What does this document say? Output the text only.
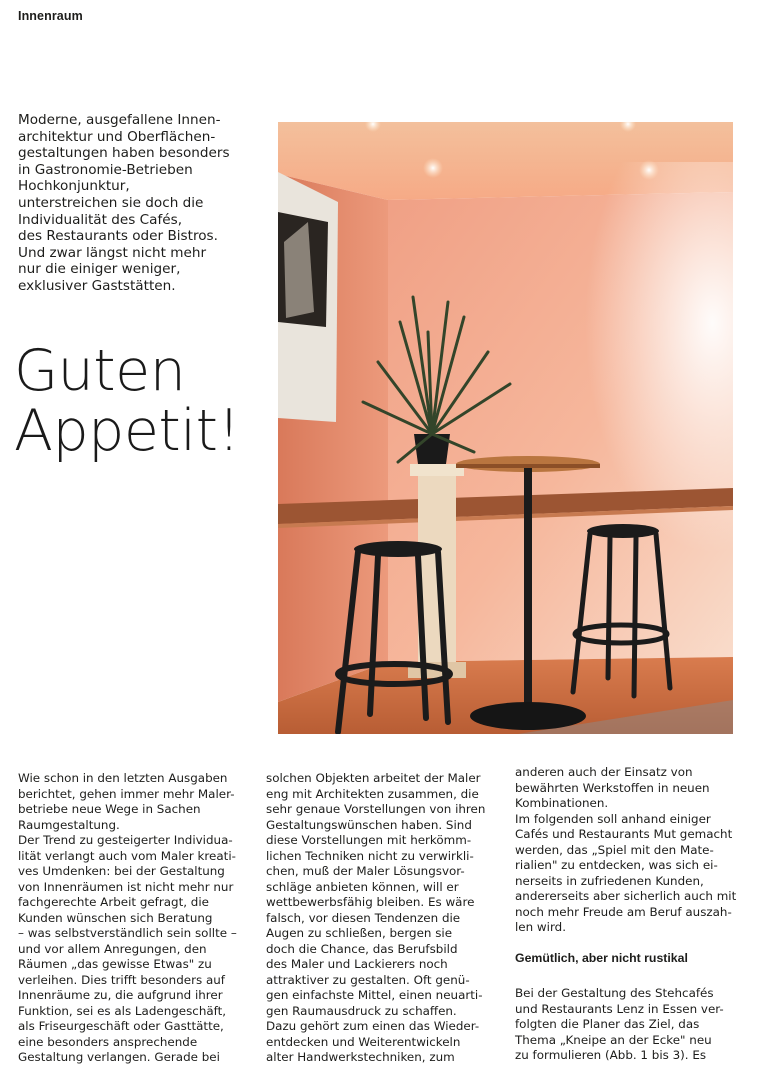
Innenraum
Moderne, ausgefallene Innen-
architektur und Oberflächen-
gestaltungen haben besonders
in Gastronomie-Betrieben
Hochkonjunktur,
unterstreichen sie doch die
Individualität des Cafés,
des Restaurants oder Bistros.
Und zwar längst nicht mehr
nur die einiger weniger,
exklusiver Gaststätten.
Guten
Appetit!
Wie schon in den letzten Ausgaben
berichtet, gehen immer mehr Maler-
betriebe neue Wege in Sachen
Raumgestaltung.
Der Trend zu gesteigerter Individua-
lität verlangt auch vom Maler kreati-
ves Umdenken: bei der Gestaltung
von Innenräumen ist nicht mehr nur
fachgerechte Arbeit gefragt, die
Kunden wünschen sich Beratung
– was selbstverständlich sein sollte –
und vor allem Anregungen, den
Räumen „das gewisse Etwas" zu
verleihen. Dies trifft besonders auf
Innenräume zu, die aufgrund ihrer
Funktion, sei es als Ladengeschäft,
als Friseurgeschäft oder Gasttätte,
eine besonders ansprechende
Gestaltung verlangen. Gerade bei
solchen Objekten arbeitet der Maler
eng mit Architekten zusammen, die
sehr genaue Vorstellungen von ihren
Gestaltungswünschen haben. Sind
diese Vorstellungen mit herkömm-
lichen Techniken nicht zu verwirkli-
chen, muß der Maler Lösungsvor-
schläge anbieten können, will er
wettbewerbsfähig bleiben. Es wäre
falsch, vor diesen Tendenzen die
Augen zu schließen, bergen sie
doch die Chance, das Berufsbild
des Maler und Lackierers noch
attraktiver zu gestalten. Oft genü-
gen einfachste Mittel, einen neuarti-
gen Raumausdruck zu schaffen.
Dazu gehört zum einen das Wieder-
entdecken und Weiterentwickeln
alter Handwerkstechniken, zum
anderen auch der Einsatz von
bewährten Werkstoffen in neuen
Kombinationen.
Im folgenden soll anhand einiger
Cafés und Restaurants Mut gemacht
werden, das „Spiel mit den Mate-
rialien" zu entdecken, was sich ei-
nerseits in zufriedenen Kunden,
andererseits aber sicherlich auch mit
noch mehr Freude am Beruf auszah-
len wird.
Gemütlich, aber nicht rustikal
Bei der Gestaltung des Stehcafés
und Restaurants Lenz in Essen ver-
folgten die Planer das Ziel, das
Thema „Kneipe an der Ecke" neu
zu formulieren (Abb. 1 bis 3). Es
